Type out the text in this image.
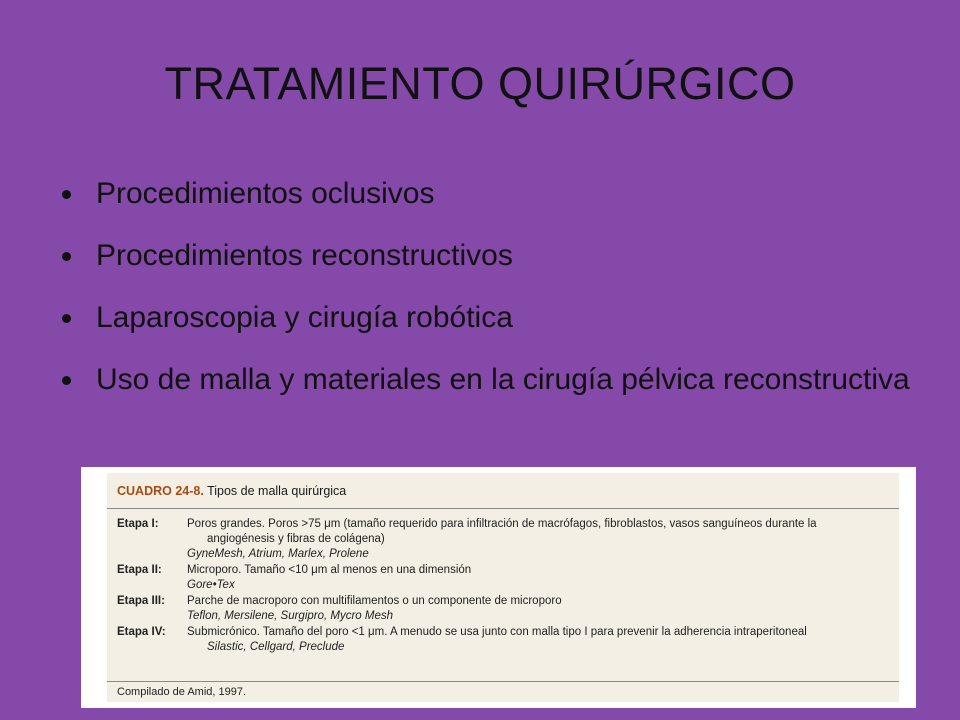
TRATAMIENTO QUIRÚRGICO
Procedimientos oclusivos
Procedimientos reconstructivos
Laparoscopia y cirugía robótica
Uso de malla y materiales en la cirugía pélvica reconstructiva
CUADRO 24-8. Tipos de malla quirúrgica
Etapa I:	Poros grandes. Poros >75 μm (tamaño requerido para infiltración de macrófagos, fibroblastos, vasos sanguíneos durante la
angiogénesis y fibras de colágena)
GyneMesh, Atrium, Marlex, Prolene
Etapa II:	Microporo. Tamaño <10 μm al menos en una dimensión
Gore•Tex
Etapa III:	Parche de macroporo con multifilamentos o un componente de microporo
Teflon, Mersilene, Surgipro, Mycro Mesh
Etapa IV:	Submicrónico. Tamaño del poro <1 μm. A menudo se usa junto con malla tipo I para prevenir la adherencia intraperitoneal
Silastic, Cellgard, Preclude
Compilado de Amid, 1997.
